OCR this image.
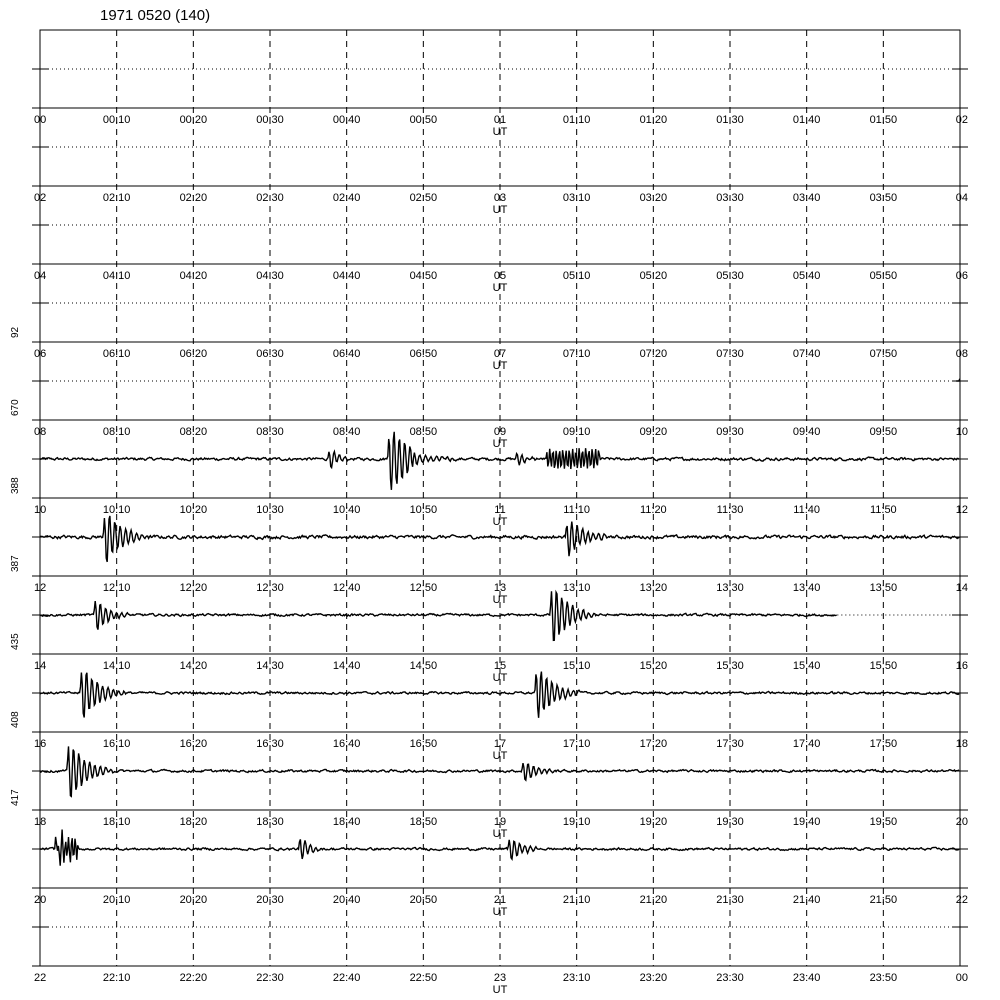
1971 0520 (140)
00	00:10	00:20	00:30	00:40	00:50	01	01:10	01:20	01:30	01:40	01:50	02
UT
02	02:10	02:20	02:30	02:40	02:50	03	03:10	03:20	03:30	03:40	03:50	04
UT
04	04:10	04:20	04:30	04:40	04:50	05	05:10	05:20	05:30	05:40	05:50	06
UT
06	06:10	06:20	06:30	06:40	06:50	07	07:10	07:20	07:30	07:40	07:50	08
UT
92
08	08:10	08:20	08:30	08:40	08:50	09	09:10	09:20	09:30	09:40	09:50	10
UT
670
10	10:10	10:20	10:30	10:40	10:50	11	11:10	11:20	11:30	11:40	11:50	12
UT
388
12	12:10	12:20	12:30	12:40	12:50	13	13:10	13:20	13:30	13:40	13:50	14
UT
387
14	14:10	14:20	14:30	14:40	14:50	15	15:10	15:20	15:30	15:40	15:50	16
UT
435
16	16:10	16:20	16:30	16:40	16:50	17	17:10	17:20	17:30	17:40	17:50	18
UT
408
18	18:10	18:20	18:30	18:40	18:50	19	19:10	19:20	19:30	19:40	19:50	20
UT
417
20	20:10	20:20	20:30	20:40	20:50	21	21:10	21:20	21:30	21:40	21:50	22
UT
22	22:10	22:20	22:30	22:40	22:50	23	23:10	23:20	23:30	23:40	23:50	00
UT
